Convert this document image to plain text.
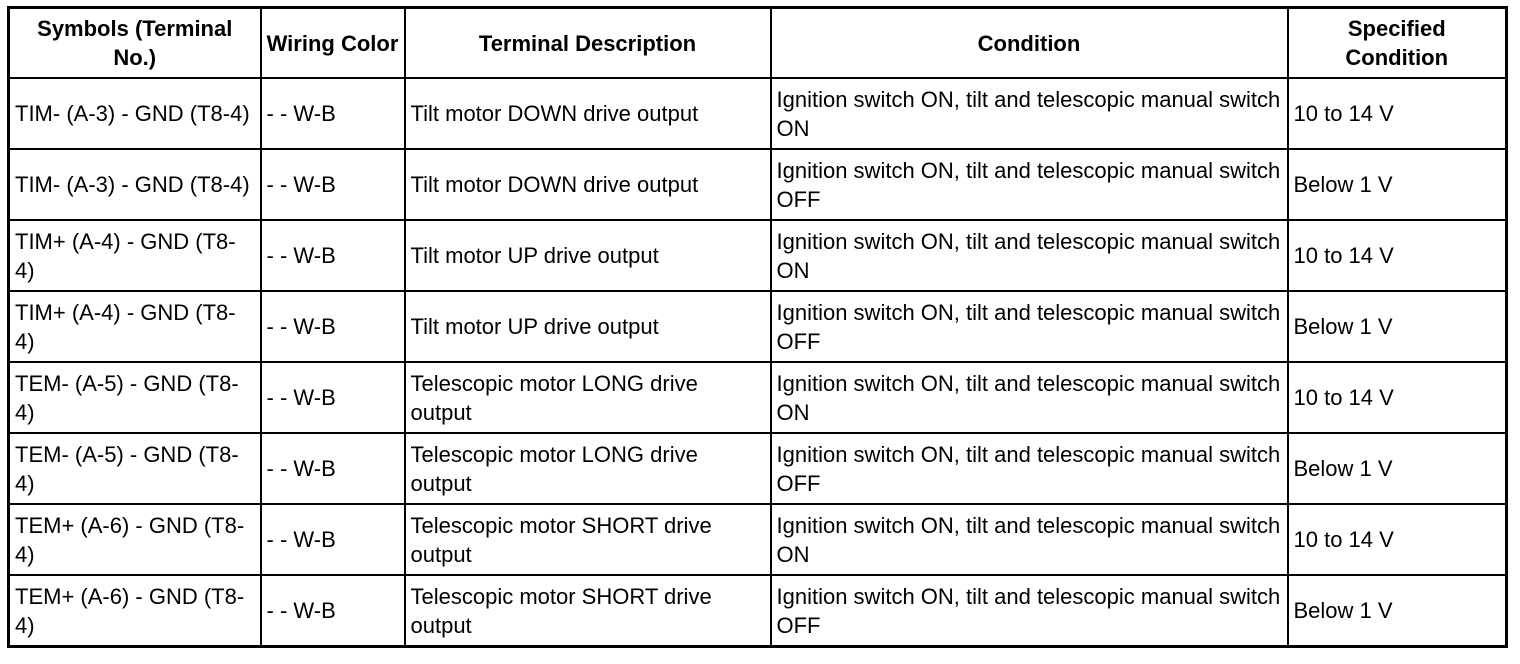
Symbols (Terminal No.)	Wiring Color	Terminal Description	Condition	Specified Condition
TIM- (A-3) - GND (T8-4)	- - W-B	Tilt motor DOWN drive output	Ignition switch ON, tilt and telescopic manual switch ON	10 to 14 V
TIM- (A-3) - GND (T8-4)	- - W-B	Tilt motor DOWN drive output	Ignition switch ON, tilt and telescopic manual switch OFF	Below 1 V
TIM+ (A-4) - GND (T8-4)	- - W-B	Tilt motor UP drive output	Ignition switch ON, tilt and telescopic manual switch ON	10 to 14 V
TIM+ (A-4) - GND (T8-4)	- - W-B	Tilt motor UP drive output	Ignition switch ON, tilt and telescopic manual switch OFF	Below 1 V
TEM- (A-5) - GND (T8-4)	- - W-B	Telescopic motor LONG drive output	Ignition switch ON, tilt and telescopic manual switch ON	10 to 14 V
TEM- (A-5) - GND (T8-4)	- - W-B	Telescopic motor LONG drive output	Ignition switch ON, tilt and telescopic manual switch OFF	Below 1 V
TEM+ (A-6) - GND (T8-4)	- - W-B	Telescopic motor SHORT drive output	Ignition switch ON, tilt and telescopic manual switch ON	10 to 14 V
TEM+ (A-6) - GND (T8-4)	- - W-B	Telescopic motor SHORT drive output	Ignition switch ON, tilt and telescopic manual switch OFF	Below 1 V
